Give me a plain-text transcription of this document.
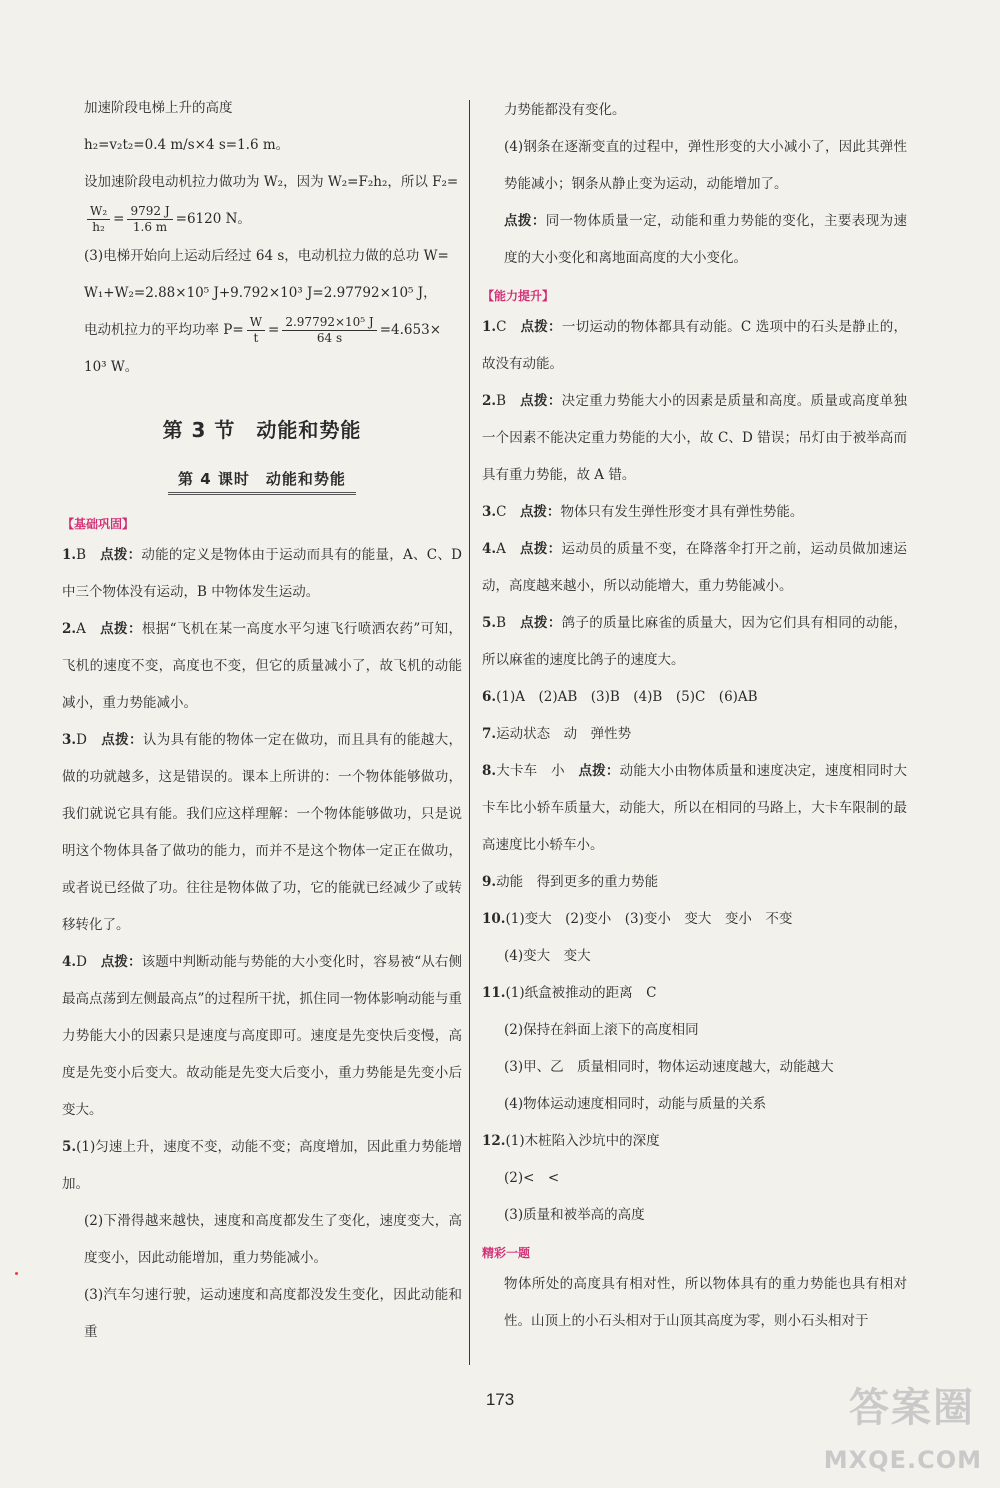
加速阶段电梯上升的高度

h₂=v₂t₂=0.4 m/s×4 s=1.6 m。

设加速阶段电动机拉力做功为 W₂，因为 W₂=F₂h₂，所以 F₂=

$\frac{\text{W₂}}{\text{h₂}} = \frac{9792 J}{1.6 m} =6120$ N。

(3)电梯开始向上运动后经过 64 s，电动机拉力做的总功 W=

W₁+W₂=2.88×10⁵ J+9.792×10³ J=2.97792×10⁵ J，

电动机拉力的平均功率 $P= \frac{W}{t} = \frac{\text{2.97792×10⁵ J}}{64 s} =4.653\times$

10³ W。

第 3 节　动能和势能
第 4 课时　动能和势能
【基础巩固】

1.B　点拨：动能的定义是物体由于运动而具有的能量，A、C、D 中三个物体没有运动，B 中物体发生运动。

2.A　点拨：根据“飞机在某一高度水平匀速飞行喷洒农药”可知，飞机的速度不变，高度也不变，但它的质量减小了，故飞机的动能减小，重力势能减小。

3.D　点拨：认为具有能的物体一定在做功，而且具有的能越大，做的功就越多，这是错误的。课本上所讲的：一个物体能够做功，我们就说它具有能。我们应这样理解：一个物体能够做功，只是说明这个物体具备了做功的能力，而并不是这个物体一定正在做功，或者说已经做了功。往往是物体做了功，它的能就已经减少了或转移转化了。

4.D　点拨：该题中判断动能与势能的大小变化时，容易被“从右侧最高点荡到左侧最高点”的过程所干扰，抓住同一物体影响动能与重力势能大小的因素只是速度与高度即可。速度是先变快后变慢，高度是先变小后变大。故动能是先变大后变小，重力势能是先变小后变大。

5.(1)匀速上升，速度不变，动能不变；高度增加，因此重力势能增加。

(2)下滑得越来越快，速度和高度都发生了变化，速度变大，高度变小，因此动能增加，重力势能减小。

(3)汽车匀速行驶，运动速度和高度都没发生变化，因此动能和重

力势能都没有变化。

(4)钢条在逐渐变直的过程中，弹性形变的大小减小了，因此其弹性势能减小；钢条从静止变为运动，动能增加了。

点拨：同一物体质量一定，动能和重力势能的变化，主要表现为速度的大小变化和离地面高度的大小变化。

【能力提升】

1.C　点拨：一切运动的物体都具有动能。C 选项中的石头是静止的，故没有动能。

2.B　点拨：决定重力势能大小的因素是质量和高度。质量或高度单独一个因素不能决定重力势能的大小，故 C、D 错误；吊灯由于被举高而具有重力势能，故 A 错。

3.C　点拨：物体只有发生弹性形变才具有弹性势能。

4.A　点拨：运动员的质量不变，在降落伞打开之前，运动员做加速运动，高度越来越小，所以动能增大，重力势能减小。

5.B　点拨：鸽子的质量比麻雀的质量大，因为它们具有相同的动能，所以麻雀的速度比鸽子的速度大。

6.(1)A　(2)AB　(3)B　(4)B　(5)C　(6)AB

7.运动状态　动　弹性势

8.大卡车　小　点拨：动能大小由物体质量和速度决定，速度相同时大卡车比小轿车质量大，动能大，所以在相同的马路上，大卡车限制的最高速度比小轿车小。

9.动能　得到更多的重力势能

10.(1)变大　(2)变小　(3)变小　变大　变小　不变

(4)变大　变大

11.(1)纸盒被推动的距离　C

(2)保持在斜面上滚下的高度相同

(3)甲、乙　质量相同时，物体运动速度越大，动能越大

(4)物体运动速度相同时，动能与质量的关系

12.(1)木桩陷入沙坑中的深度

(2)<　<

(3)质量和被举高的高度

精彩一题

物体所处的高度具有相对性，所以物体具有的重力势能也具有相对性。山顶上的小石头相对于山顶其高度为零，则小石头相对于

173	答案圈
MXQE.COM
